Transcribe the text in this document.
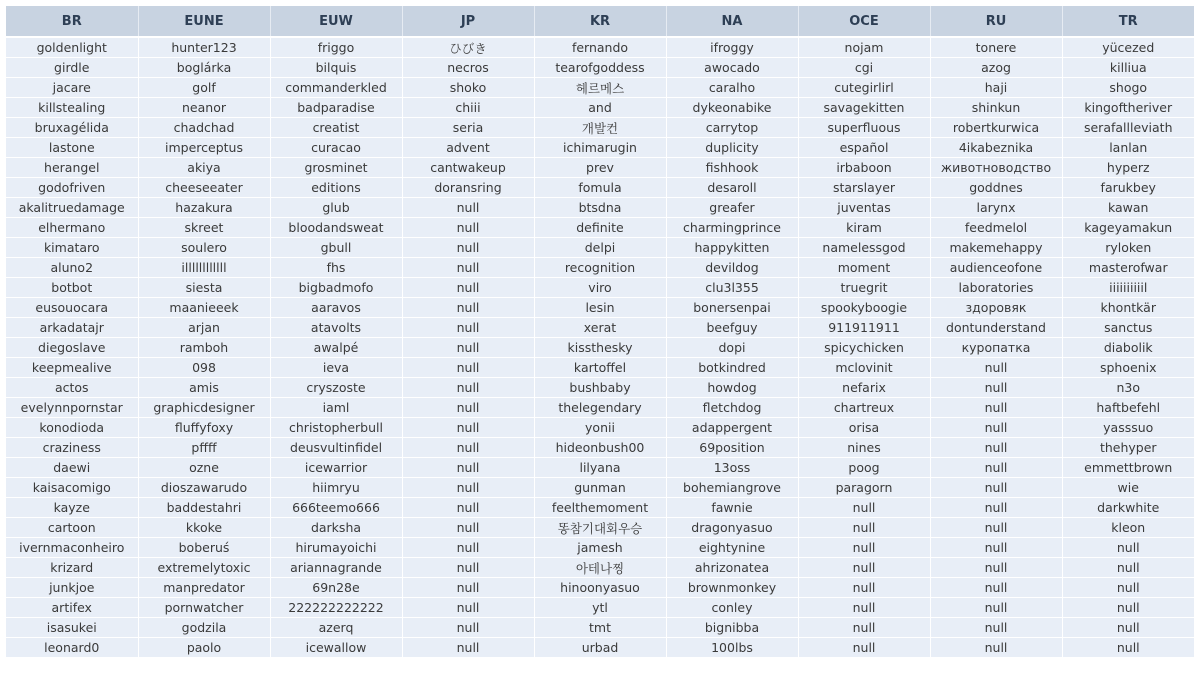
BR	EUNE	EUW	JP	KR	NA	OCE	RU	TR
goldenlight	hunter123	friggo	ひびき	fernando	ifroggy	nojam	tonere	yücezed
girdle	boglárka	bilquis	necros	tearofgoddess	awocado	cgi	azog	killiua
jacare	golf	commanderkled	shoko	헤르메스	caralho	cutegirlirl	haji	shogo
killstealing	neanor	badparadise	chiii	and	dykeonabike	savagekitten	shinkun	kingoftheriver
bruxagélida	chadchad	creatist	seria	개발컨	carrytop	superfluous	robertkurwica	serafallleviath
lastone	imperceptus	curacao	advent	ichimarugin	duplicity	español	4ikabeznika	lanlan
herangel	akiya	grosminet	cantwakeup	prev	fishhook	irbaboon	животноводство	hyperz
godofriven	cheeseeater	editions	doransring	fomula	desaroll	starslayer	goddnes	farukbey
akalitruedamage	hazakura	glub	null	btsdna	greafer	juventas	larynx	kawan
elhermano	skreet	bloodandsweat	null	definite	charmingprince	kiram	feedmelol	kageyamakun
kimataro	soulero	gbull	null	delpi	happykitten	namelessgod	makemehappy	ryloken
aluno2	illllllllllll	fhs	null	recognition	devildog	moment	audienceofone	masterofwar
botbot	siesta	bigbadmofo	null	viro	clu3l355	truegrit	laboratories	iiiiiiiiiil
eusouocara	maanieeek	aaravos	null	lesin	bonersenpai	spookyboogie	здоровяк	khontkär
arkadatajr	arjan	atavolts	null	xerat	beefguy	911911911	dontunderstand	sanctus
diegoslave	ramboh	awalpé	null	kissthesky	dopi	spicychicken	куропатка	diabolik
keepmealive	098	ieva	null	kartoffel	botkindred	mclovinit	null	sphoenix
actos	amis	cryszoste	null	bushbaby	howdog	nefarix	null	n3o
evelynnpornstar	graphicdesigner	iaml	null	thelegendary	fletchdog	chartreux	null	haftbefehl
konodioda	fluffyfoxy	christopherbull	null	yonii	adappergent	orisa	null	yasssuo
craziness	pffff	deusvultinfidel	null	hideonbush00	69position	nines	null	thehyper
daewi	ozne	icewarrior	null	lilyana	13oss	poog	null	emmettbrown
kaisacomigo	dioszawarudo	hiimryu	null	gunman	bohemiangrove	paragorn	null	wie
kayze	baddestahri	666teemo666	null	feelthemoment	fawnie	null	null	darkwhite
cartoon	kkoke	darksha	null	똥참기대회우승	dragonyasuo	null	null	kleon
ivernmaconheiro	boberuś	hirumayoichi	null	jamesh	eightynine	null	null	null
krizard	extremelytoxic	ariannagrande	null	아테나찡	ahrizonatea	null	null	null
junkjoe	manpredator	69n28e	null	hinoonyasuo	brownmonkey	null	null	null
artifex	pornwatcher	222222222222	null	ytl	conley	null	null	null
isasukei	godzila	azerq	null	tmt	bignibba	null	null	null
leonard0	paolo	icewallow	null	urbad	100lbs	null	null	null
